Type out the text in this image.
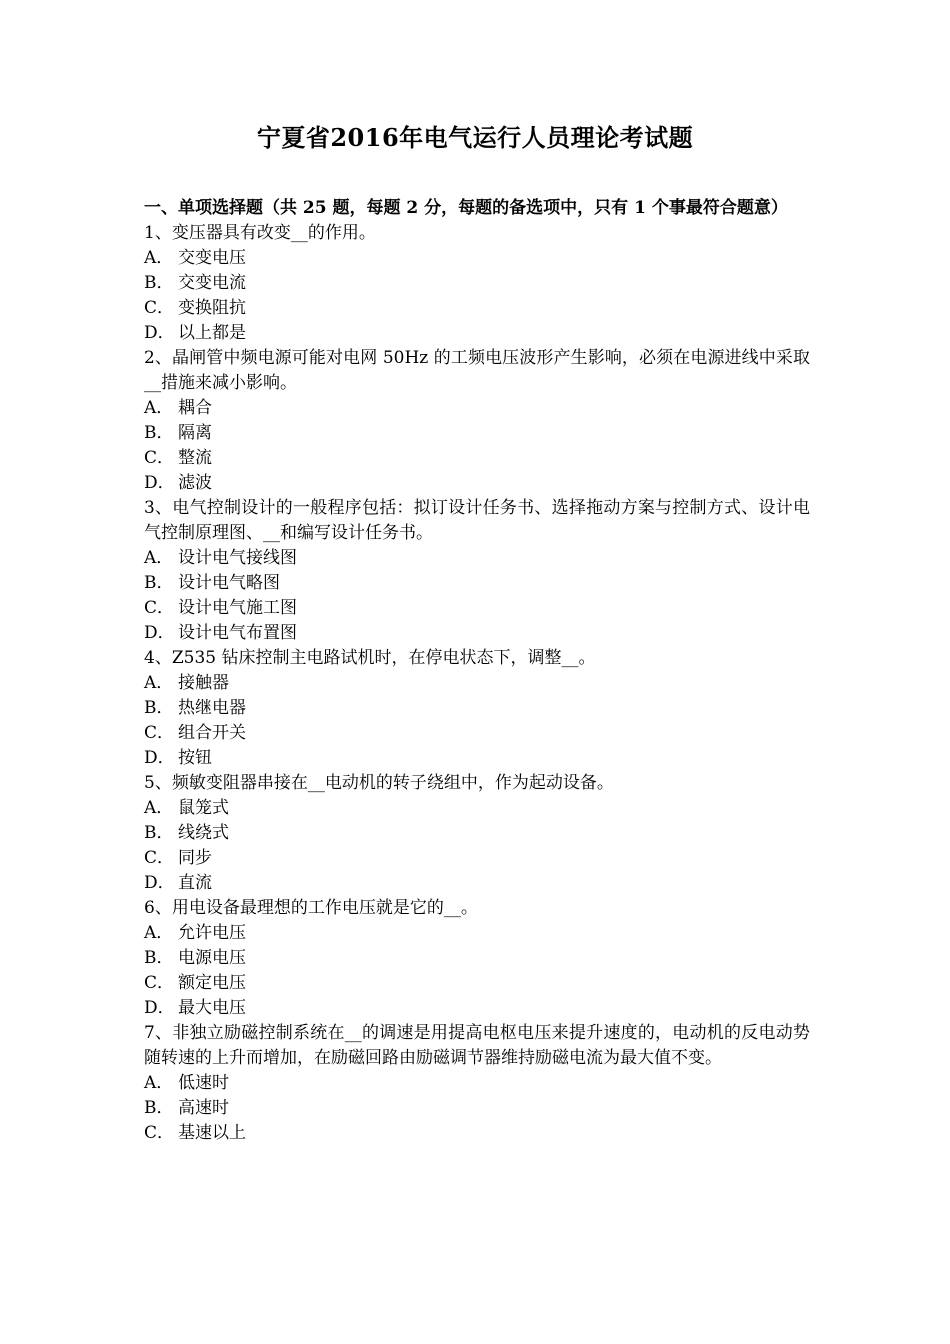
宁夏省2016年电气运行人员理论考试题

一、单项选择题（共 25 题，每题 2 分，每题的备选项中，只有 1 个事最符合题意）

1、变压器具有改变__的作用。

A． 交变电压

B． 交变电流

C． 变换阻抗

D． 以上都是

2、晶闸管中频电源可能对电网 50Hz 的工频电压波形产生影响，必须在电源进线中采取__措施来减小影响。

A． 耦合

B． 隔离

C． 整流

D． 滤波

3、电气控制设计的一般程序包括：拟订设计任务书、选择拖动方案与控制方式、设计电气控制原理图、__和编写设计任务书。

A． 设计电气接线图

B． 设计电气略图

C． 设计电气施工图

D． 设计电气布置图

4、Z535 钻床控制主电路试机时，在停电状态下，调整__。

A． 接触器

B． 热继电器

C． 组合开关

D． 按钮

5、频敏变阻器串接在__电动机的转子绕组中，作为起动设备。

A． 鼠笼式

B． 线绕式

C． 同步

D． 直流

6、用电设备最理想的工作电压就是它的__。

A． 允许电压

B． 电源电压

C． 额定电压

D． 最大电压

7、非独立励磁控制系统在__的调速是用提高电枢电压来提升速度的，电动机的反电动势随转速的上升而增加，在励磁回路由励磁调节器维持励磁电流为最大值不变。

A． 低速时

B． 高速时

C． 基速以上
